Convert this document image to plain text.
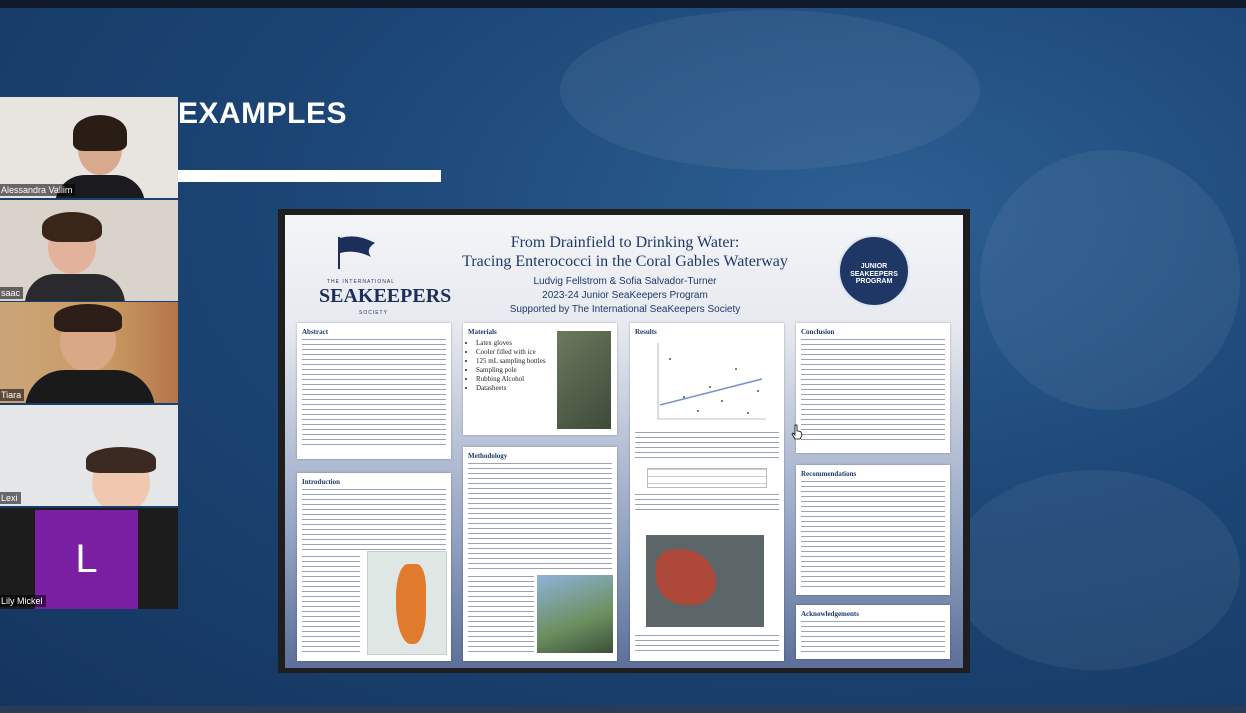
EXAMPLES
Alessandra Vallim
saac
Tiara
Lexi
L
Lily Mickel
THE INTERNATIONAL
SEAKEEPERS
SOCIETY
From Drainfield to Drinking Water:
Tracing Enterococci in the Coral Gables Waterway
Ludvig Fellstrom & Sofia Salvador-Turner
2023-24 Junior SeaKeepers Program
Supported by The International SeaKeepers Society
JUNIOR
SEAKEEPERS
PROGRAM
Abstract
Introduction
Materials
• Latex gloves
• Cooler filled with ice
• 125 mL sampling bottles
• Sampling pole
• Rubbing Alcohol
• Datasheets
Methodology
Results	Conclusion
Recommendations
Acknowledgements
